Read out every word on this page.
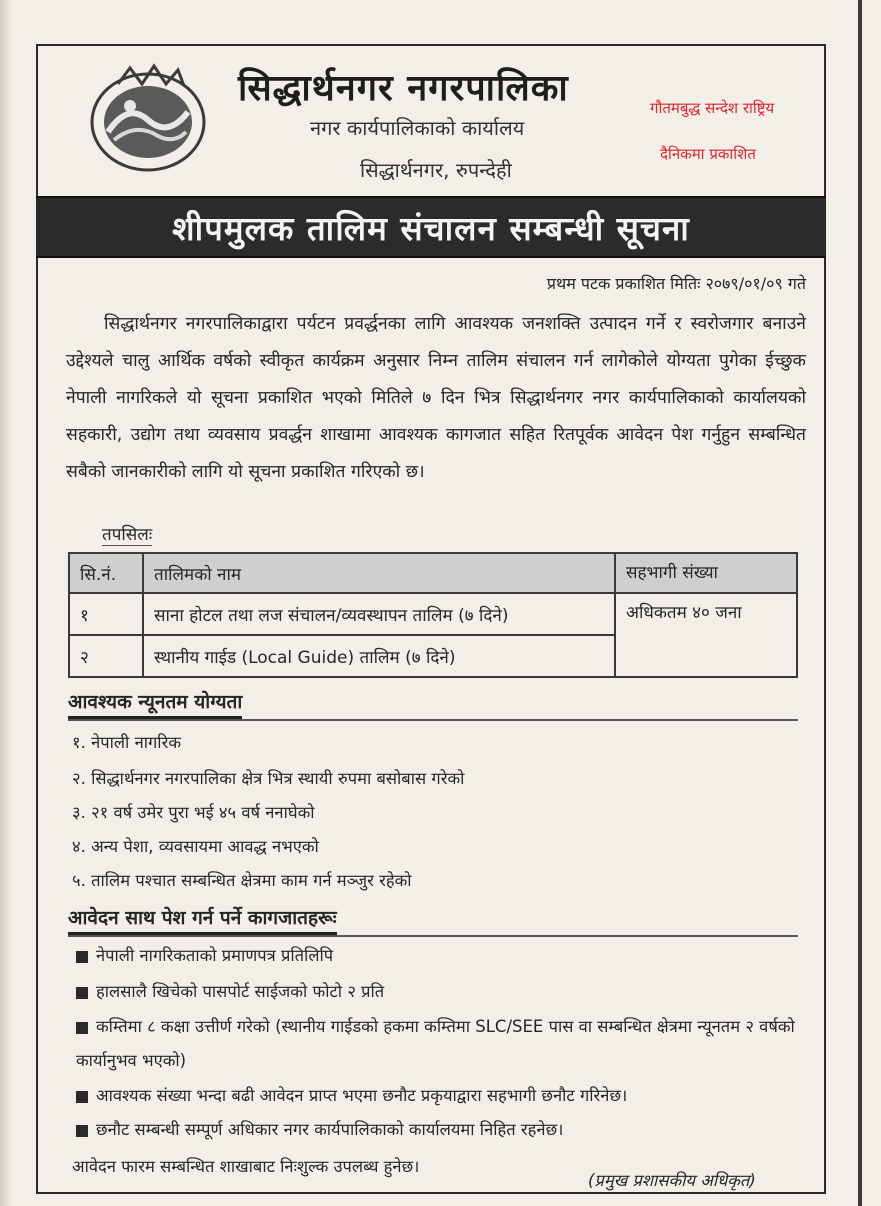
सिद्धार्थनगर नगरपालिका
नगर कार्यपालिकाको कार्यालय
सिद्धार्थनगर, रुपन्देही
गौतमबुद्ध सन्देश राष्ट्रिय
दैनिकमा प्रकाशित
शीपमुलक तालिम संचालन सम्बन्धी सूचना
प्रथम पटक प्रकाशित मितिः २०७९/०१/०९ गते
सिद्धार्थनगर नगरपालिकाद्वारा पर्यटन प्रवर्द्धनका लागि आवश्यक जनशक्ति उत्पादन गर्ने र स्वरोजगार बनाउने उद्देश्यले चालु आर्थिक वर्षको स्वीकृत कार्यक्रम अनुसार निम्न तालिम संचालन गर्न लागेकोले योग्यता पुगेका ईच्छुक नेपाली नागरिकले यो सूचना प्रकाशित भएको मितिले ७ दिन भित्र सिद्धार्थनगर नगर कार्यपालिकाको कार्यालयको सहकारी, उद्योग तथा व्यवसाय प्रवर्द्धन शाखामा आवश्यक कागजात सहित रितपूर्वक आवेदन पेश गर्नुहुन सम्बन्धित सबैको जानकारीको लागि यो सूचना प्रकाशित गरिएको छ।
तपसिलः
सि.नं.	तालिमको नाम	सहभागी संख्या
१	साना होटल तथा लज संचालन/व्यवस्थापन तालिम (७ दिने)	अधिकतम ४० जना
२	स्थानीय गाईड (Local Guide) तालिम (७ दिने)	
आवश्यक न्यूनतम योग्यता
१. नेपाली नागरिक
२. सिद्धार्थनगर नगरपालिका क्षेत्र भित्र स्थायी रुपमा बसोबास गरेको
३. २१ वर्ष उमेर पुरा भई ४५ वर्ष ननाघेको
४. अन्य पेशा, व्यवसायमा आवद्ध नभएको
५. तालिम पश्चात सम्बन्धित क्षेत्रमा काम गर्न मञ्जुर रहेको
आवेदन साथ पेश गर्न पर्ने कागजातहरूः
नेपाली नागरिकताको प्रमाणपत्र प्रतिलिपि
हालसालै खिचेको पासपोर्ट साईजको फोटो २ प्रति
कम्तिमा ८ कक्षा उत्तीर्ण गरेको (स्थानीय गाईडको हकमा कम्तिमा SLC/SEE पास वा सम्बन्धित क्षेत्रमा न्यूनतम २ वर्षको कार्यानुभव भएको)
आवश्यक संख्या भन्दा बढी आवेदन प्राप्त भएमा छनौट प्रकृयाद्वारा सहभागी छनौट गरिनेछ।
छनौट सम्बन्धी सम्पूर्ण अधिकार नगर कार्यपालिकाको कार्यालयमा निहित रहनेछ।
आवेदन फारम सम्बन्धित शाखाबाट निःशुल्क उपलब्ध हुनेछ।
(प्रमुख प्रशासकीय अधिकृत)
